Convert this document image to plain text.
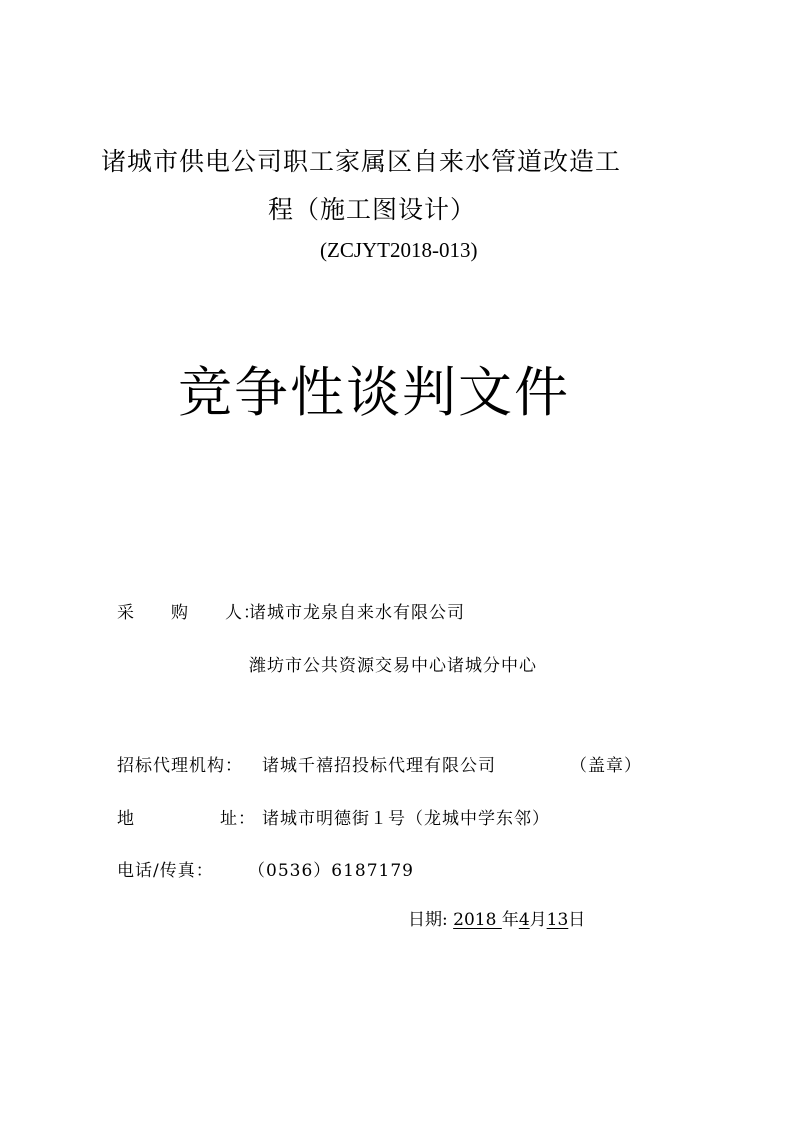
诸城市供电公司职工家属区自来水管道改造工
程（施工图设计）
(ZCJYT2018-013)
竞争性谈判文件
采　　购　　人：
诸城市龙泉自来水有限公司
潍坊市公共资源交易中心诸城分中心
招标代理机构： 诸城千禧招投标代理有限公司	（盖章）
地	址： 诸城市明德街１号（龙城中学东邻）
电话/传真： （0536）6187179
日期: 2018 年4月13日
